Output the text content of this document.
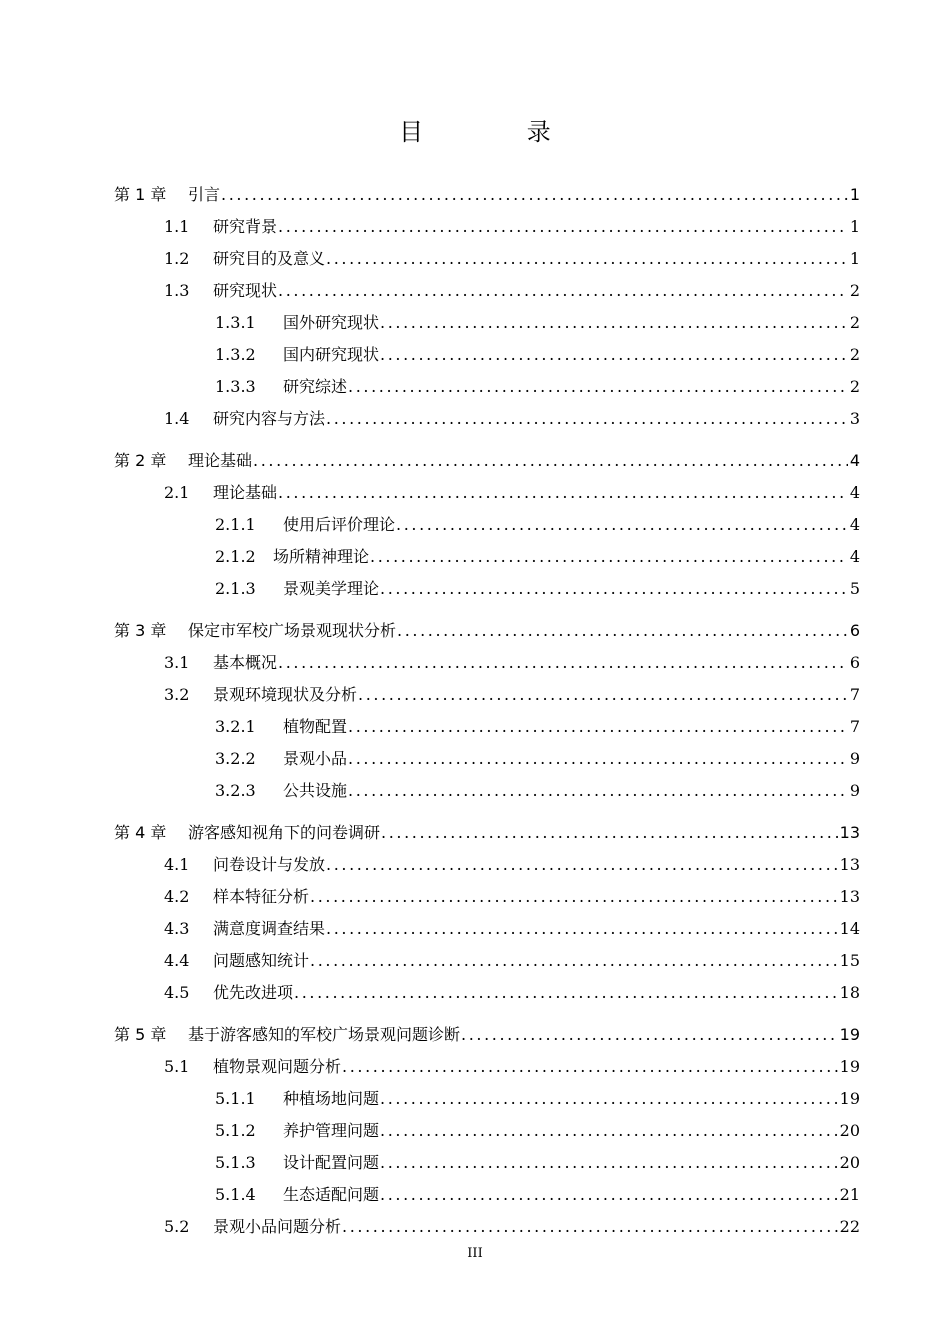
目 录
第 1 章	引言 .....	1
1.1	研究背景 .....	1
1.2	研究目的及意义 .....	1
1.3	研究现状 .....	2
1.3.1	国外研究现状 .....	2
1.3.2	国内研究现状 .....	2
1.3.3	研究综述 .....	2
1.4	研究内容与方法 .....	3
第 2 章	理论基础 .....	4
2.1	理论基础 .....	4
2.1.1	使用后评价理论 .....	4
2.1.2	场所精神理论 .....	4
2.1.3	景观美学理论 .....	5
第 3 章	保定市军校广场景观现状分析 .....	6
3.1	基本概况 .....	6
3.2	景观环境现状及分析 .....	7
3.2.1	植物配置 .....	7
3.2.2	景观小品 .....	9
3.2.3	公共设施 .....	9
第 4 章	游客感知视角下的问卷调研 .....	13
4.1	问卷设计与发放 .....	13
4.2	样本特征分析 .....	13
4.3	满意度调查结果 .....	14
4.4	问题感知统计 .....	15
4.5	优先改进项 .....	18
第 5 章	基于游客感知的军校广场景观问题诊断 .....	19
5.1	植物景观问题分析 .....	19
5.1.1	种植场地问题 .....	19
5.1.2	养护管理问题 .....	20
5.1.3	设计配置问题 .....	20
5.1.4	生态适配问题 .....	21
5.2	景观小品问题分析 .....	22
III
